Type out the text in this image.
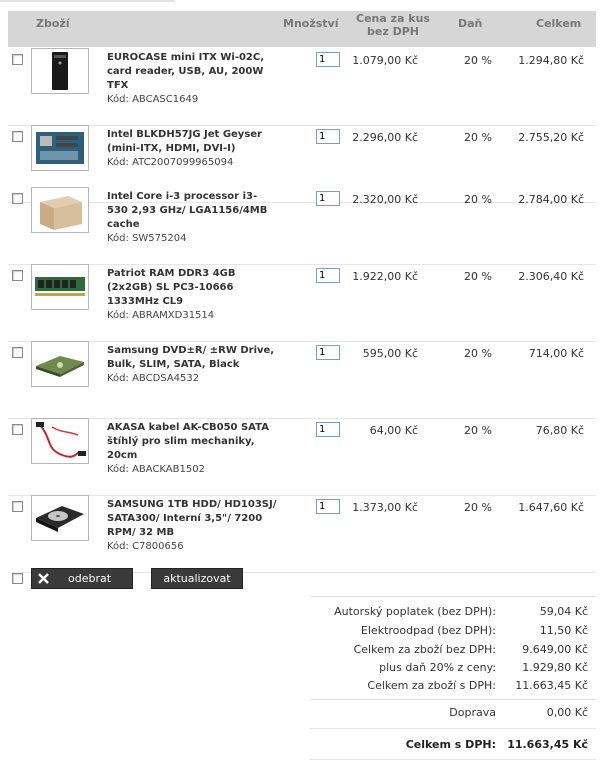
Zboží	Množství	Cena za kus
bez DPH
Daň	Celkem
EUROCASE mini ITX Wi-02C, card reader, USB, AU, 200W TFX
Kód: ABCASC1649
1
1.079,00 Kč	20 %	1.294,80 Kč
Intel BLKDH57JG Jet Geyser (mini-ITX, HDMI, DVI-I)
Kód: ATC2007099965094
1
2.296,00 Kč	20 %	2.755,20 Kč
Intel Core i-3 processor i3-530 2,93 GHz/ LGA1156/4MB cache
Kód: SW575204
1
2.320,00 Kč	20 %	2.784,00 Kč
Patriot RAM DDR3 4GB (2x2GB) SL PC3-10666 1333MHz CL9
Kód: ABRAMXD31514
1
1.922,00 Kč	20 %	2.306,40 Kč
Samsung DVD±R/ ±RW Drive, Bulk, SLIM, SATA, Black
Kód: ABCDSA4532
1
595,00 Kč	20 %	714,00 Kč
AKASA kabel AK-CB050 SATA štíhlý pro slim mechaniky, 20cm
Kód: ABACKAB1502
1
64,00 Kč	20 %	76,80 Kč
SAMSUNG 1TB HDD/ HD103SJ/ SATA300/ Interní 3,5"/ 7200 RPM/ 32 MB
Kód: C7800656
1
1.373,00 Kč	20 %	1.647,60 Kč
odebrat	aktualizovat
Autorský poplatek (bez DPH):	59,04 Kč
Elektroodpad (bez DPH):	11,50 Kč
Celkem za zboží bez DPH: 9.649,00 Kč
plus daň 20% z ceny: 1.929,80 Kč
Celkem za zboží s DPH: 11.663,45 Kč
Doprava	0,00 Kč
Celkem s DPH: 11.663,45 Kč
